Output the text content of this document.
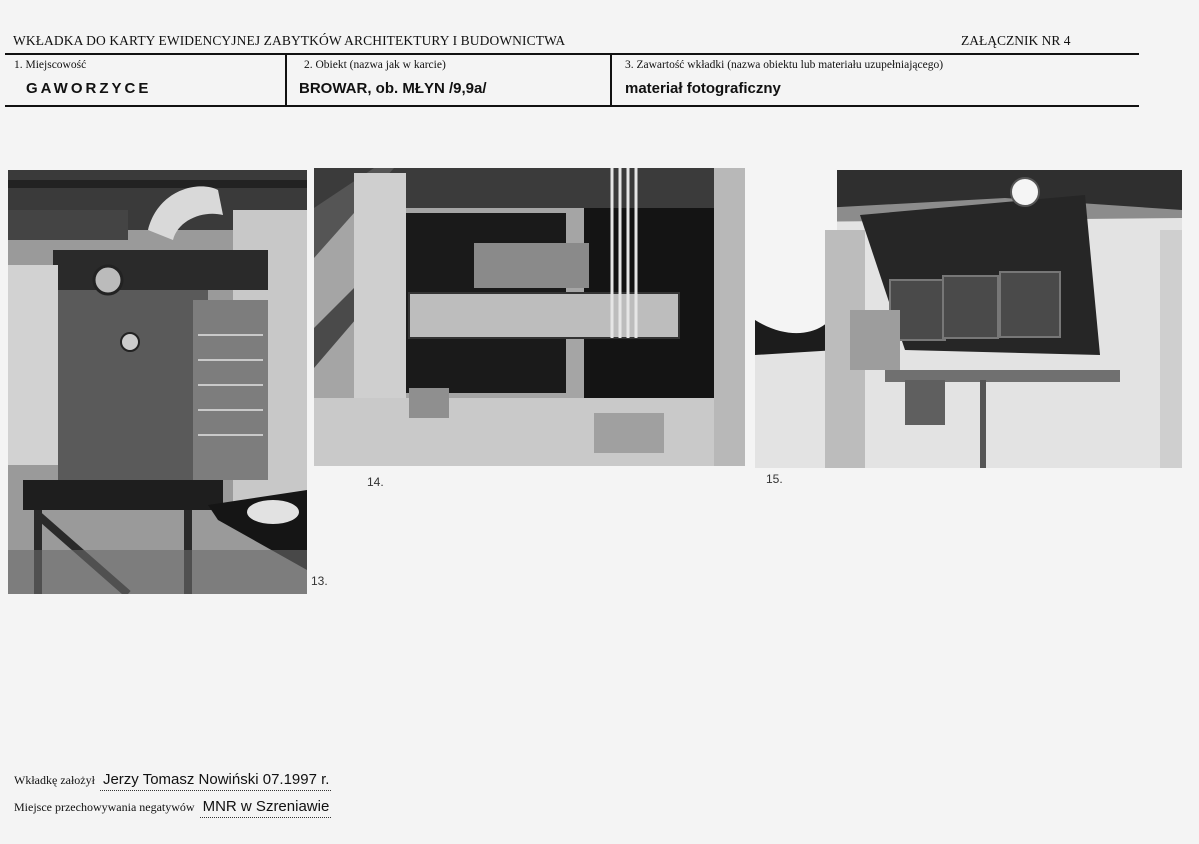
WKŁADKA DO KARTY EWIDENCYJNEJ ZABYTKÓW ARCHITEKTURY I BUDOWNICTWA	ZAŁĄCZNIK NR 4
1. Miejscowość
GAWORZYCE
2. Obiekt (nazwa jak w karcie)
BROWAR, ob. MŁYN /9,9a/
3. Zawartość wkładki (nazwa obiektu lub materiału uzupełniającego)
materiał fotograficzny
13.
14.	15.
Wkładkę założył Jerzy Tomasz Nowiński 07.1997 r.
Miejsce przechowywania negatywów MNR w Szreniawie
